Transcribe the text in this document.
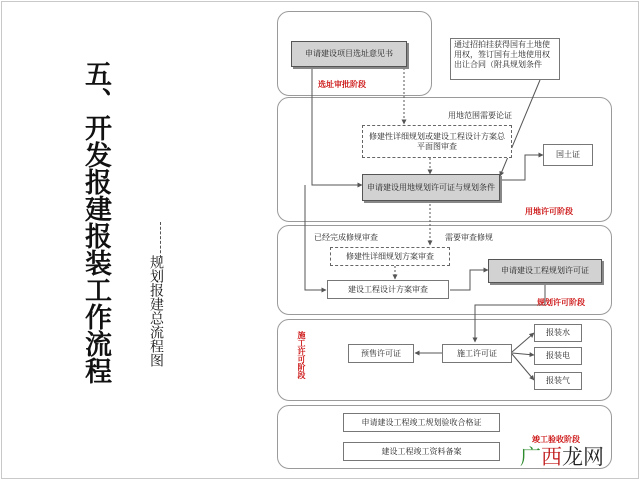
五、开发报建报装工作流程	规划报建总流程图
申请建设项目选址意见书
选址审批阶段
通过招拍挂获得国有土地使用权，签订国有土地使用权出让合同（附具规划条件
用地范围需要论证
修建性详细规划或建设工程设计方案总平面图审查
国土证
申请建设用地规划许可证与规划条件
用地许可阶段
已经完成修规审查	需要审查修规
修建性详细规划方案审查
申请建设工程规划许可证
建设工程设计方案审查
规划许可阶段
施工许可阶段	预售许可证	施工许可证
报装水
报装电
报装气
申请建设工程竣工规划验收合格证
建设工程竣工资料备案
竣工验收阶段
广西龙网
